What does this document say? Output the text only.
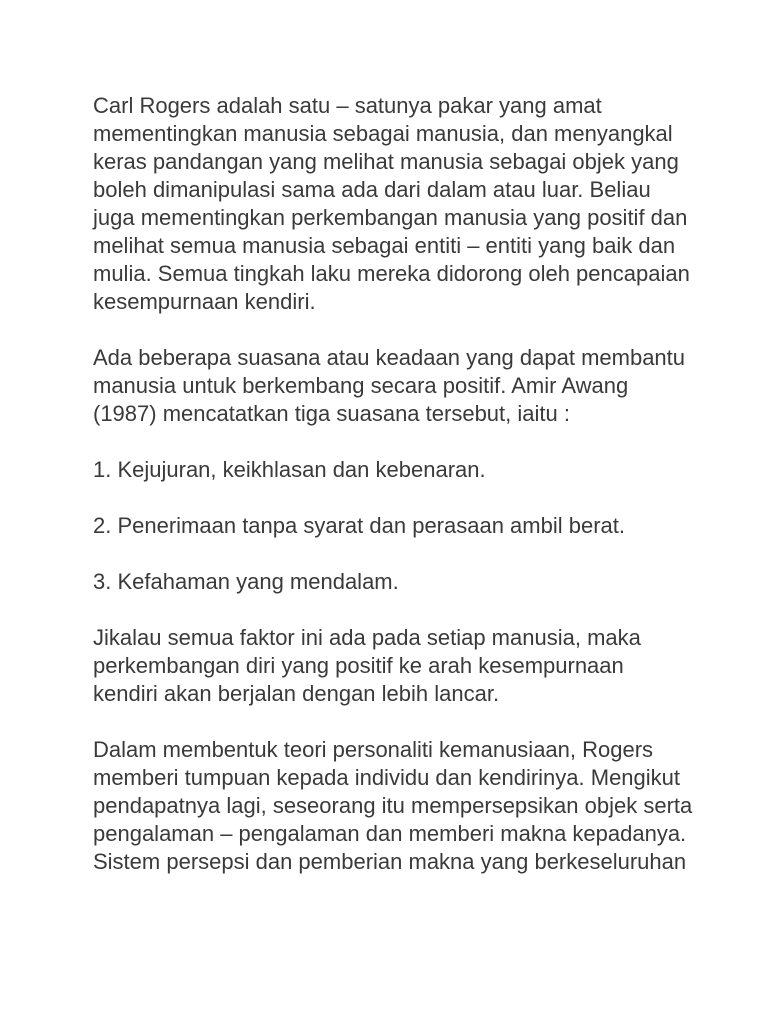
Carl Rogers adalah satu – satunya pakar yang amat mementingkan manusia sebagai manusia, dan menyangkal keras pandangan yang melihat manusia sebagai objek yang boleh dimanipulasi sama ada dari dalam atau luar. Beliau juga mementingkan perkembangan manusia yang positif dan melihat semua manusia sebagai entiti – entiti yang baik dan mulia. Semua tingkah laku mereka didorong oleh pencapaian kesempurnaan kendiri.

Ada beberapa suasana atau keadaan yang dapat membantu manusia untuk berkembang secara positif. Amir Awang (1987) mencatatkan tiga suasana tersebut, iaitu :

1. Kejujuran, keikhlasan dan kebenaran.

2. Penerimaan tanpa syarat dan perasaan ambil berat.

3. Kefahaman yang mendalam.

Jikalau semua faktor ini ada pada setiap manusia, maka perkembangan diri yang positif ke arah kesempurnaan kendiri akan berjalan dengan lebih lancar.

Dalam membentuk teori personaliti kemanusiaan, Rogers memberi tumpuan kepada individu dan kendirinya. Mengikut pendapatnya lagi, seseorang itu mempersepsikan objek serta pengalaman – pengalaman dan memberi makna kepadanya. Sistem persepsi dan pemberian makna yang berkeseluruhan
